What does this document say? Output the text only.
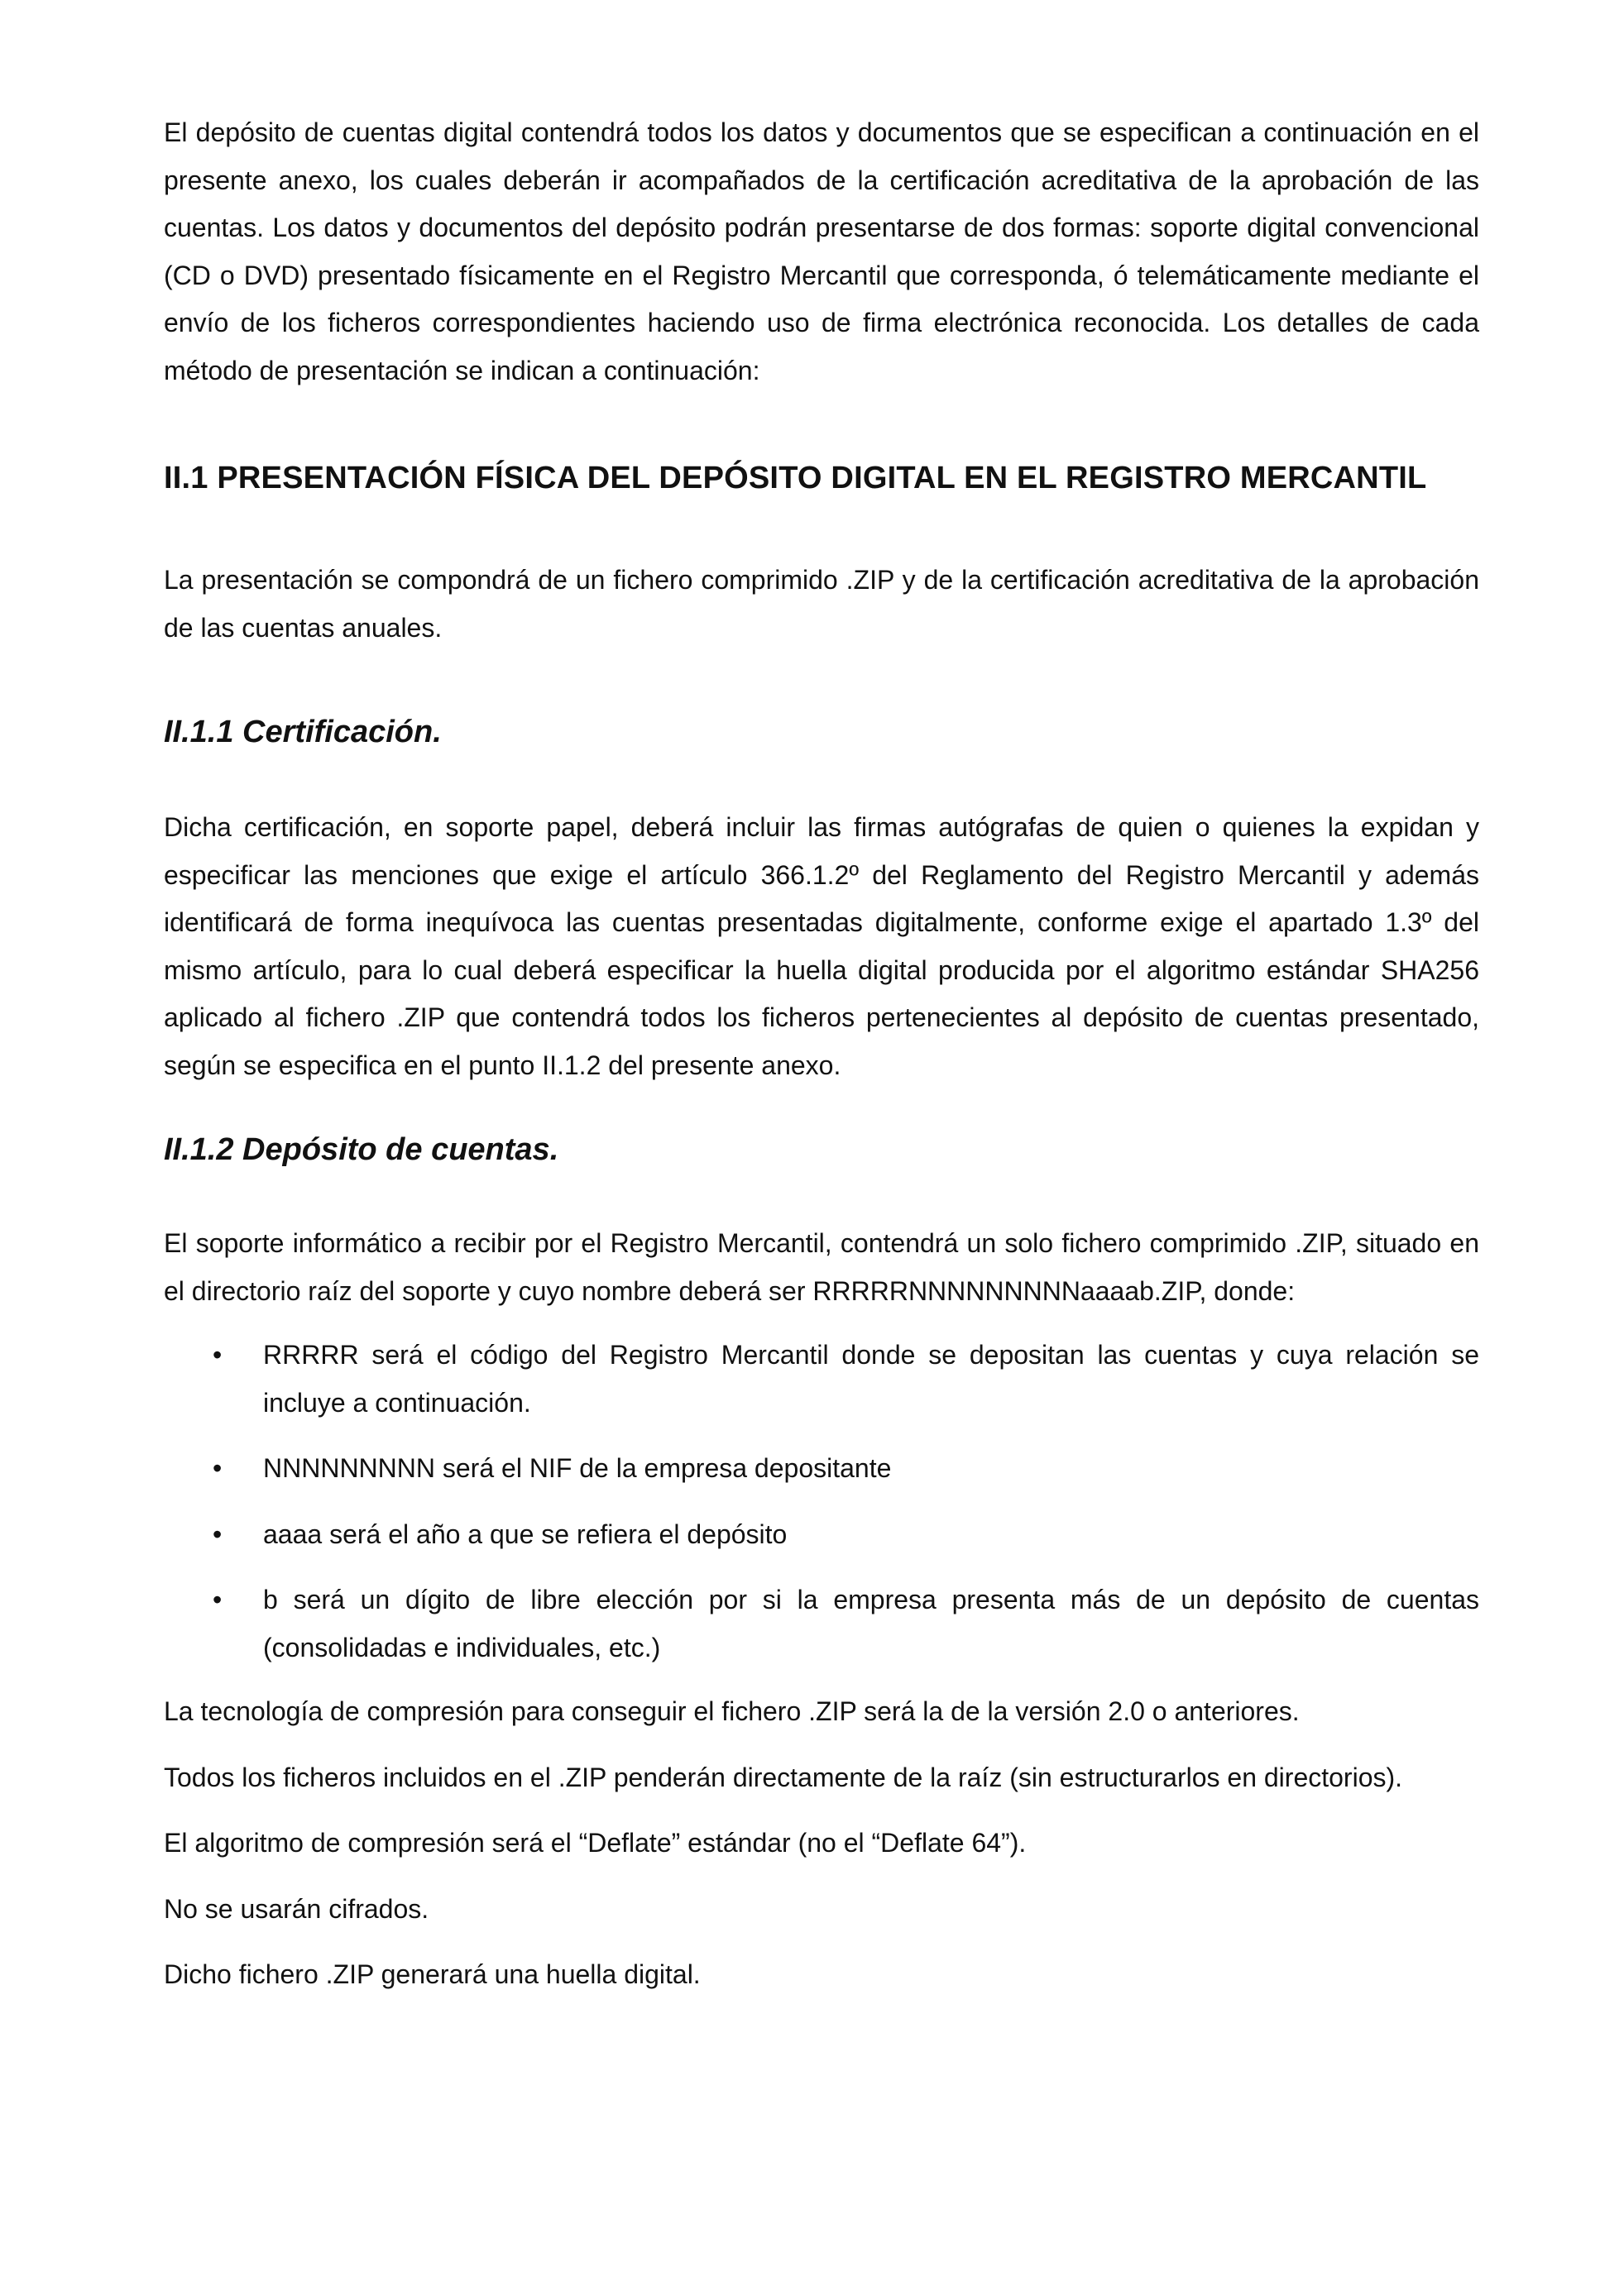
El depósito de cuentas digital contendrá todos los datos y documentos que se especifican a continuación en el presente anexo, los cuales deberán ir acompañados de la certificación acreditativa de la aprobación de las cuentas. Los datos y documentos del depósito podrán presentarse de dos formas: soporte digital convencional (CD o DVD) presentado físicamente en el Registro Mercantil que corresponda, ó telemáticamente mediante el envío de los ficheros correspondientes haciendo uso de firma electrónica reconocida. Los detalles de cada método de presentación se indican a continuación:

II.1 PRESENTACIÓN FÍSICA DEL DEPÓSITO DIGITAL EN EL REGISTRO MERCANTIL

La presentación se compondrá de un fichero comprimido .ZIP y de la certificación acreditativa de la aprobación de las cuentas anuales.

II.1.1 Certificación.

Dicha certificación, en soporte papel, deberá incluir las firmas autógrafas de quien o quienes la expidan y especificar las menciones que exige el artículo 366.1.2º del Reglamento del Registro Mercantil y además identificará de forma inequívoca las cuentas presentadas digitalmente, conforme exige el apartado 1.3º del mismo artículo, para lo cual deberá especificar la huella digital producida por el algoritmo estándar SHA256 aplicado al fichero .ZIP que contendrá todos los ficheros pertenecientes al depósito de cuentas presentado, según se especifica en el punto II.1.2 del presente anexo.

II.1.2 Depósito de cuentas.

El soporte informático a recibir por el Registro Mercantil, contendrá un solo fichero comprimido .ZIP, situado en el directorio raíz del soporte y cuyo nombre deberá ser RRRRRNNNNNNNNNaaaab.ZIP, donde:

• RRRRR será el código del Registro Mercantil donde se depositan las cuentas y cuya relación se incluye a continuación.
• NNNNNNNNN será el NIF de la empresa depositante
• aaaa será el año a que se refiera el depósito
• b será un dígito de libre elección por si la empresa presenta más de un depósito de cuentas (consolidadas e individuales, etc.)

La tecnología de compresión para conseguir el fichero .ZIP será la de la versión 2.0 o anteriores.

Todos los ficheros incluidos en el .ZIP penderán directamente de la raíz (sin estructurarlos en directorios).

El algoritmo de compresión será el “Deflate” estándar (no el “Deflate 64”).

No se usarán cifrados.

Dicho fichero .ZIP generará una huella digital.
